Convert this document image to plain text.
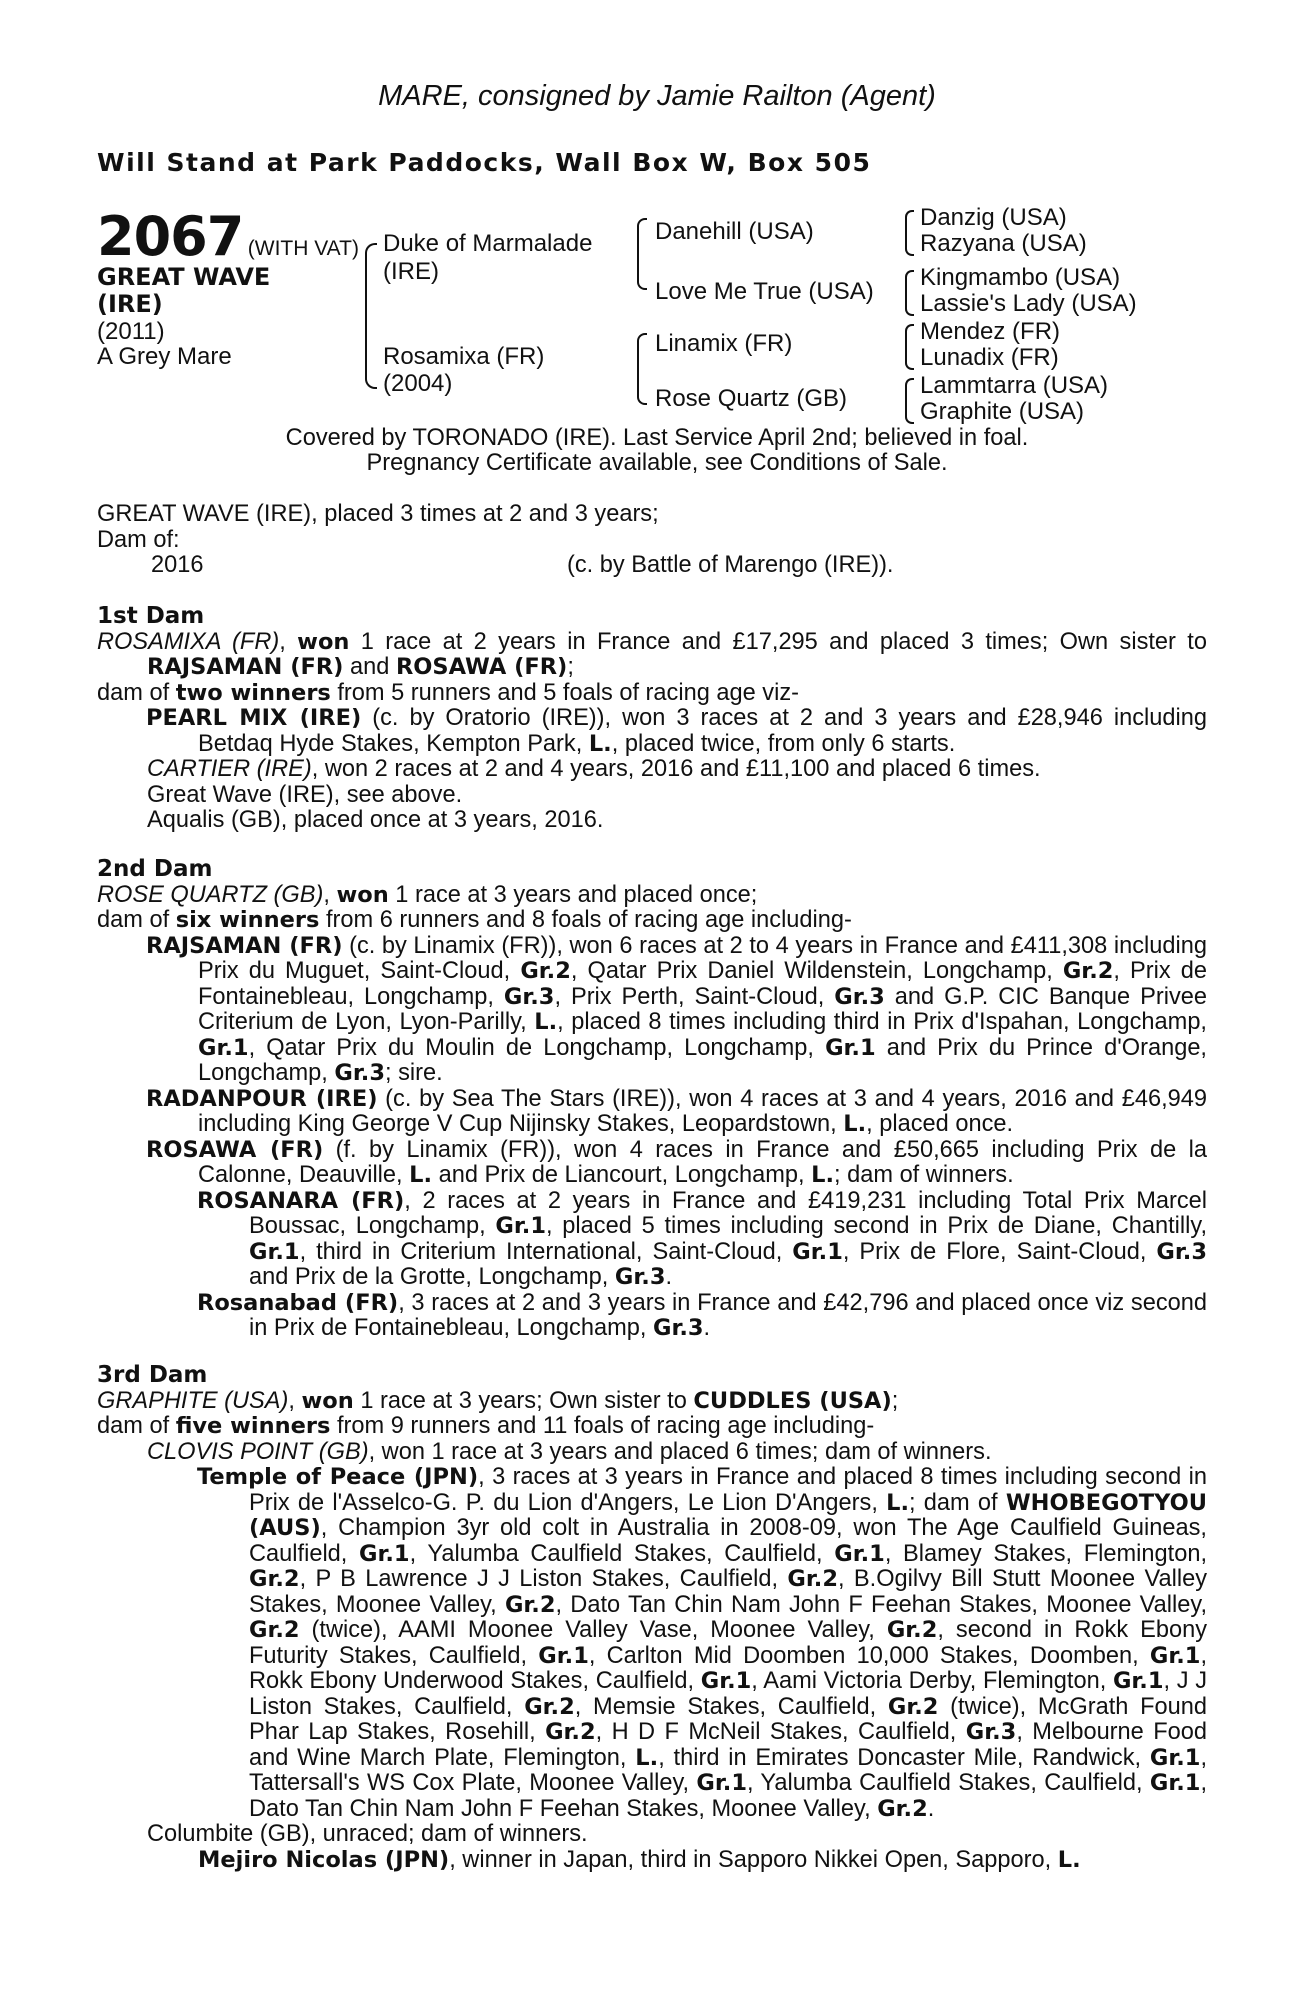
MARE, consigned by Jamie Railton (Agent)
Will Stand at Park Paddocks, Wall Box W, Box 505
2067 (WITH VAT)
GREAT WAVE
(IRE)
(2011)
A Grey Mare
Duke of Marmalade
(IRE)
Rosamixa (FR)
(2004)
Danehill (USA)
Love Me True (USA)
Linamix (FR)
Rose Quartz (GB)
Danzig (USA)
Razyana (USA)
Kingmambo (USA)
Lassie's Lady (USA)
Mendez (FR)
Lunadix (FR)
Lammtarra (USA)
Graphite (USA)
Covered by TORONADO (IRE). Last Service April 2nd; believed in foal.
Pregnancy Certificate available, see Conditions of Sale.

GREAT WAVE (IRE), placed 3 times at 2 and 3 years;

Dam of:

2016	(c. by Battle of Marengo (IRE)).

1st Dam

ROSAMIXA (FR), won 1 race at 2 years in France and £17,295 and placed 3 times; Own sister to RAJSAMAN (FR) and ROSAWA (FR);

dam of two winners from 5 runners and 5 foals of racing age viz-

PEARL MIX (IRE) (c. by Oratorio (IRE)), won 3 races at 2 and 3 years and £28,946 including Betdaq Hyde Stakes, Kempton Park, L., placed twice, from only 6 starts.

CARTIER (IRE), won 2 races at 2 and 4 years, 2016 and £11,100 and placed 6 times.

Great Wave (IRE), see above.

Aqualis (GB), placed once at 3 years, 2016.

2nd Dam

ROSE QUARTZ (GB), won 1 race at 3 years and placed once;

dam of six winners from 6 runners and 8 foals of racing age including-

RAJSAMAN (FR) (c. by Linamix (FR)), won 6 races at 2 to 4 years in France and £411,308 including Prix du Muguet, Saint-Cloud, Gr.2, Qatar Prix Daniel Wildenstein, Longchamp, Gr.2, Prix de Fontainebleau, Longchamp, Gr.3, Prix Perth, Saint-Cloud, Gr.3 and G.P. CIC Banque Privee Criterium de Lyon, Lyon-Parilly, L., placed 8 times including third in Prix d'Ispahan, Longchamp, Gr.1, Qatar Prix du Moulin de Longchamp, Longchamp, Gr.1 and Prix du Prince d'Orange, Longchamp, Gr.3; sire.

RADANPOUR (IRE) (c. by Sea The Stars (IRE)), won 4 races at 3 and 4 years, 2016 and £46,949 including King George V Cup Nijinsky Stakes, Leopardstown, L., placed once.

ROSAWA (FR) (f. by Linamix (FR)), won 4 races in France and £50,665 including Prix de la Calonne, Deauville, L. and Prix de Liancourt, Longchamp, L.; dam of winners.

ROSANARA (FR), 2 races at 2 years in France and £419,231 including Total Prix Marcel Boussac, Longchamp, Gr.1, placed 5 times including second in Prix de Diane, Chantilly, Gr.1, third in Criterium International, Saint-Cloud, Gr.1, Prix de Flore, Saint-Cloud, Gr.3 and Prix de la Grotte, Longchamp, Gr.3.

Rosanabad (FR), 3 races at 2 and 3 years in France and £42,796 and placed once viz second in Prix de Fontainebleau, Longchamp, Gr.3.

3rd Dam

GRAPHITE (USA), won 1 race at 3 years; Own sister to CUDDLES (USA);

dam of five winners from 9 runners and 11 foals of racing age including-

CLOVIS POINT (GB), won 1 race at 3 years and placed 6 times; dam of winners.

Temple of Peace (JPN), 3 races at 3 years in France and placed 8 times including second in Prix de l'Asselco-G. P. du Lion d'Angers, Le Lion D'Angers, L.; dam of WHOBEGOTYOU (AUS), Champion 3yr old colt in Australia in 2008-09, won The Age Caulfield Guineas, Caulfield, Gr.1, Yalumba Caulfield Stakes, Caulfield, Gr.1, Blamey Stakes, Flemington, Gr.2, P B Lawrence J J Liston Stakes, Caulfield, Gr.2, B.Ogilvy Bill Stutt Moonee Valley Stakes, Moonee Valley, Gr.2, Dato Tan Chin Nam John F Feehan Stakes, Moonee Valley, Gr.2 (twice), AAMI Moonee Valley Vase, Moonee Valley, Gr.2, second in Rokk Ebony Futurity Stakes, Caulfield, Gr.1, Carlton Mid Doomben 10,000 Stakes, Doomben, Gr.1, Rokk Ebony Underwood Stakes, Caulfield, Gr.1, Aami Victoria Derby, Flemington, Gr.1, J J Liston Stakes, Caulfield, Gr.2, Memsie Stakes, Caulfield, Gr.2 (twice), McGrath Found Phar Lap Stakes, Rosehill, Gr.2, H D F McNeil Stakes, Caulfield, Gr.3, Melbourne Food and Wine March Plate, Flemington, L., third in Emirates Doncaster Mile, Randwick, Gr.1, Tattersall's WS Cox Plate, Moonee Valley, Gr.1, Yalumba Caulfield Stakes, Caulfield, Gr.1, Dato Tan Chin Nam John F Feehan Stakes, Moonee Valley, Gr.2.

Columbite (GB), unraced; dam of winners.

Mejiro Nicolas (JPN), winner in Japan, third in Sapporo Nikkei Open, Sapporo, L.
